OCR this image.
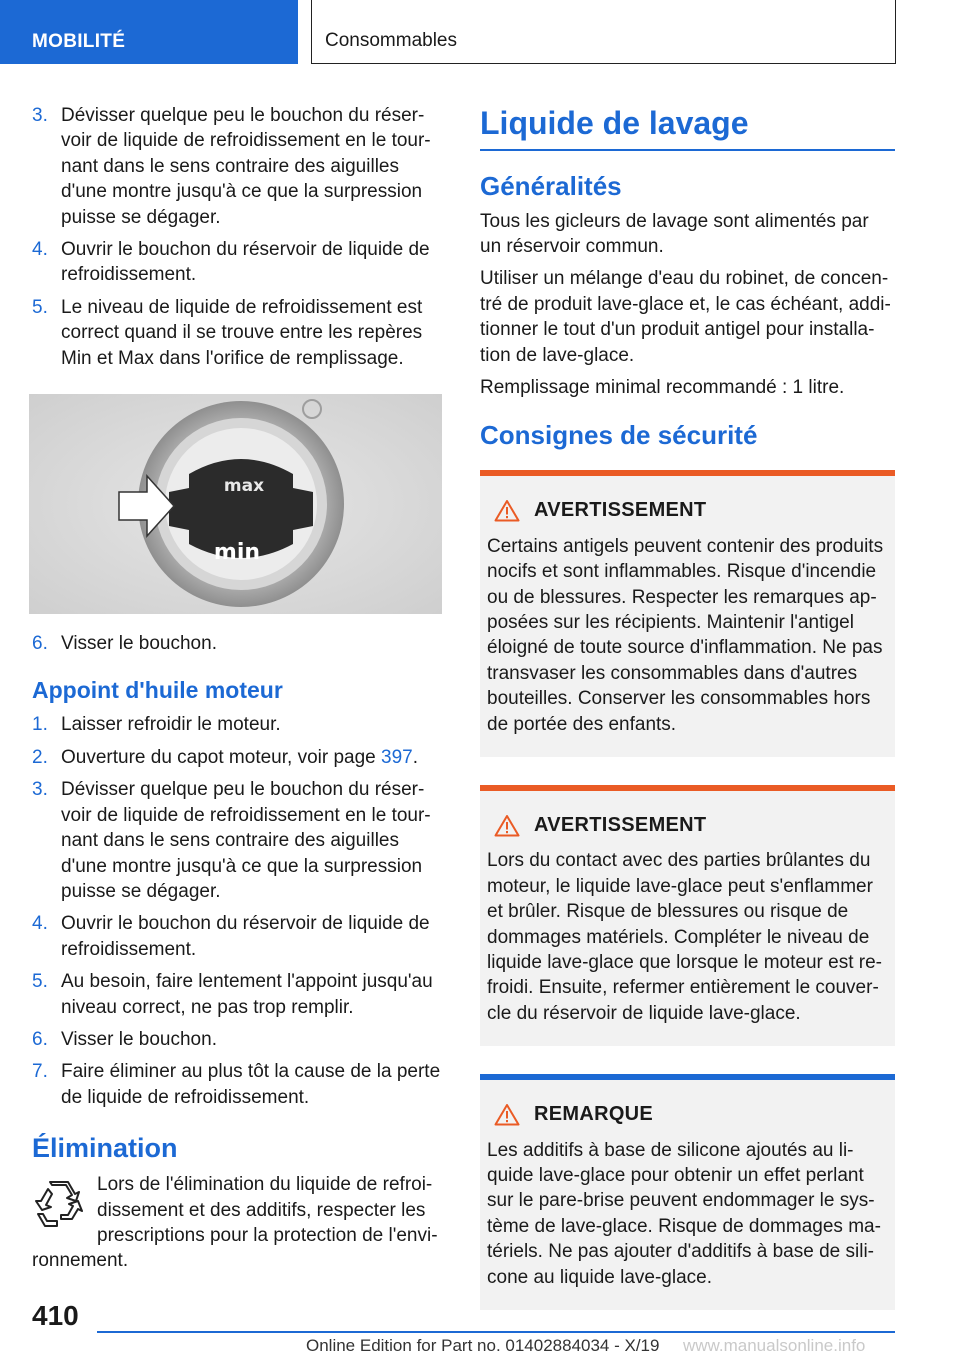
MOBILITÉ	Consommables
3. Dévisser quelque peu le bouchon du réser-voir de liquide de refroidissement en le tour-nant dans le sens contraire des aiguilles d'une montre jusqu'à ce que la surpression puisse se dégager.
4. Ouvrir le bouchon du réservoir de liquide de refroidissement.
5. Le niveau de liquide de refroidissement est correct quand il se trouve entre les repères Min et Max dans l'orifice de remplissage.
max
min
6. Visser le bouchon.
Appoint d'huile moteur
1. Laisser refroidir le moteur.
2. Ouverture du capot moteur, voir page 397.
3. Dévisser quelque peu le bouchon du réser-voir de liquide de refroidissement en le tour-nant dans le sens contraire des aiguilles d'une montre jusqu'à ce que la surpression puisse se dégager.
4. Ouvrir le bouchon du réservoir de liquide de refroidissement.
5. Au besoin, faire lentement l'appoint jusqu'au niveau correct, ne pas trop remplir.
6. Visser le bouchon.
7. Faire éliminer au plus tôt la cause de la perte de liquide de refroidissement.
Élimination
Lors de l'élimination du liquide de refroi-dissement et des additifs, respecter les prescriptions pour la protection de l'envi-ronnement.
Liquide de lavage
Généralités
Tous les gicleurs de lavage sont alimentés par un réservoir commun.
Utiliser un mélange d'eau du robinet, de concen-tré de produit lave-glace et, le cas échéant, addi-tionner le tout d'un produit antigel pour installa-tion de lave-glace.
Remplissage minimal recommandé : 1 litre.
Consignes de sécurité
AVERTISSEMENT
Certains antigels peuvent contenir des produits nocifs et sont inflammables. Risque d'incendie ou de blessures. Respecter les remarques ap-posées sur les récipients. Maintenir l'antigel éloigné de toute source d'inflammation. Ne pas transvaser les consommables dans d'autres bouteilles. Conserver les consommables hors de portée des enfants.
AVERTISSEMENT
Lors du contact avec des parties brûlantes du moteur, le liquide lave-glace peut s'enflammer et brûler. Risque de blessures ou risque de dommages matériels. Compléter le niveau de liquide lave-glace que lorsque le moteur est re-froidi. Ensuite, refermer entièrement le couver-cle du réservoir de liquide lave-glace.
REMARQUE
Les additifs à base de silicone ajoutés au li-quide lave-glace pour obtenir un effet perlant sur le pare-brise peuvent endommager le sys-tème de lave-glace. Risque de dommages ma-tériels. Ne pas ajouter d'additifs à base de sili-cone au liquide lave-glace.
410
Online Edition for Part no. 01402884034 - X/19 www.manualsonline.info
